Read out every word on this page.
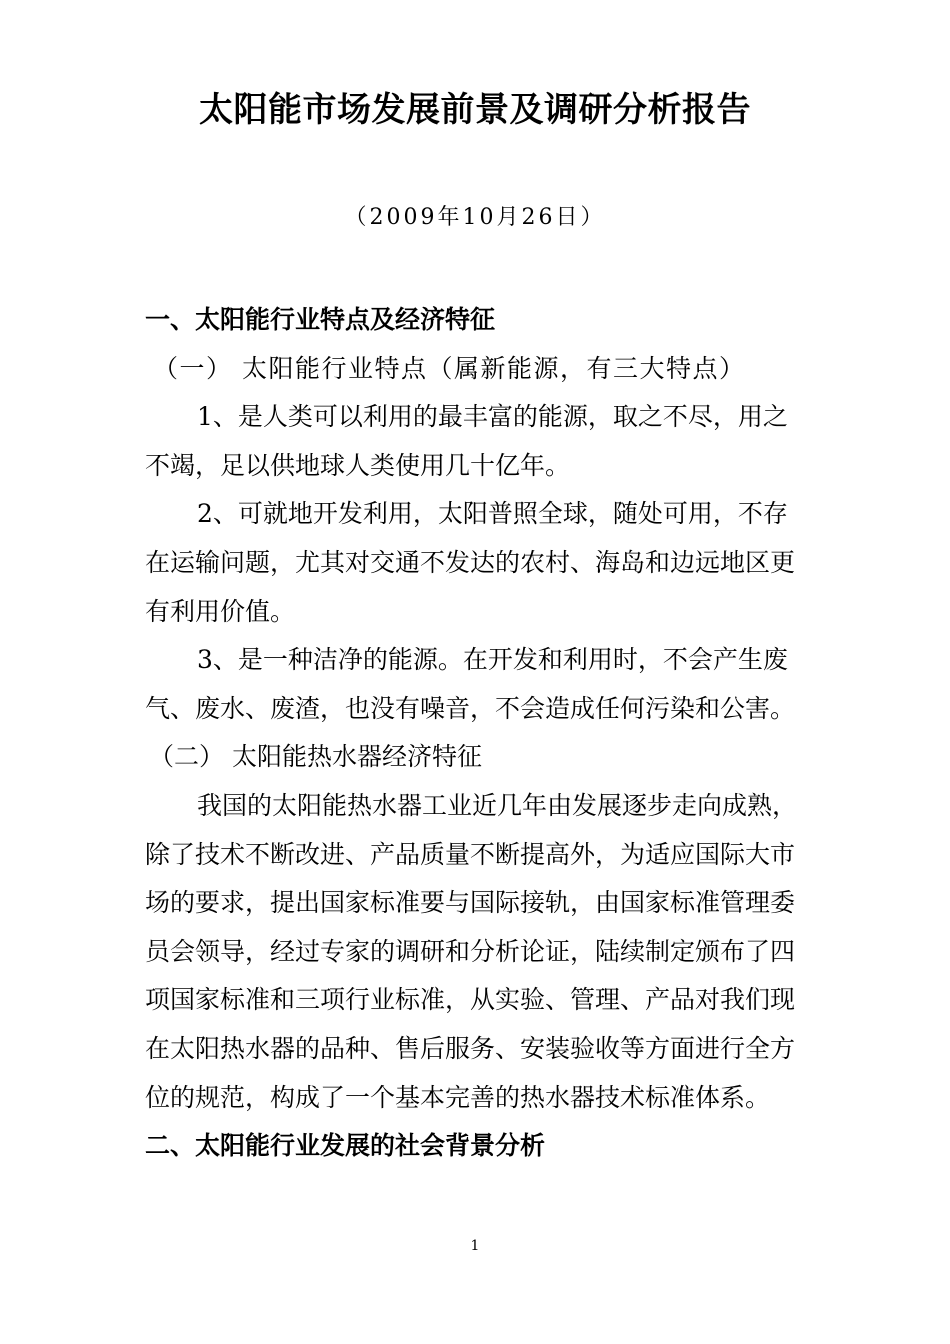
太阳能市场发展前景及调研分析报告
（2009年10月26日）
一、太阳能行业特点及经济特征
（一） 太阳能行业特点（属新能源，有三大特点）
1、是人类可以利用的最丰富的能源，取之不尽，用之
不竭，足以供地球人类使用几十亿年。
2、可就地开发利用，太阳普照全球，随处可用，不存
在运输问题，尤其对交通不发达的农村、海岛和边远地区更
有利用价值。
3、是一种洁净的能源。在开发和利用时，不会产生废
气、废水、废渣，也没有噪音，不会造成任何污染和公害。
（二） 太阳能热水器经济特征
我国的太阳能热水器工业近几年由发展逐步走向成熟，
除了技术不断改进、产品质量不断提高外，为适应国际大市
场的要求，提出国家标准要与国际接轨，由国家标准管理委
员会领导，经过专家的调研和分析论证，陆续制定颁布了四
项国家标准和三项行业标准，从实验、管理、产品对我们现
在太阳热水器的品种、售后服务、安装验收等方面进行全方
位的规范，构成了一个基本完善的热水器技术标准体系。
二、太阳能行业发展的社会背景分析
1
